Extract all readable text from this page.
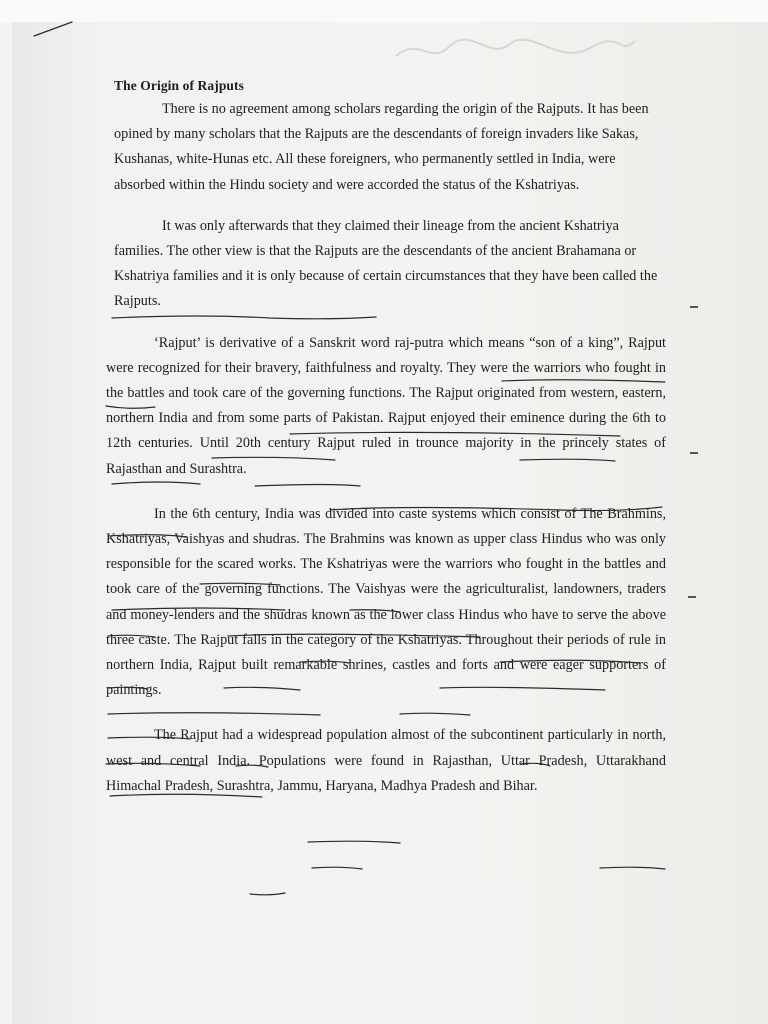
The Origin of Rajputs

There is no agreement among scholars regarding the origin of the Rajputs. It has been opined by many scholars that the Rajputs are the descendants of foreign invaders like Sakas, Kushanas, white-Hunas etc. All these foreigners, who permanently settled in India, were absorbed within the Hindu society and were accorded the status of the Kshatriyas.

It was only afterwards that they claimed their lineage from the ancient Kshatriya families. The other view is that the Rajputs are the descendants of the ancient Brahamana or Kshatriya families and it is only because of certain circumstances that they have been called the Rajputs.

‘Rajput’ is derivative of a Sanskrit word raj-putra which means “son of a king”, Rajput were recognized for their bravery, faithfulness and royalty. They were the warriors who fought in the battles and took care of the governing functions. The Rajput originated from western, eastern, northern India and from some parts of Pakistan. Rajput enjoyed their eminence during the 6th to 12th centuries. Until 20th century Rajput ruled in trounce majority in the princely states of Rajasthan and Surashtra.

In the 6th century, India was divided into caste systems which consist of The Brahmins, Kshatriyas, Vaishyas and shudras. The Brahmins was known as upper class Hindus who was only responsible for the scared works. The Kshatriyas were the warriors who fought in the battles and took care of the governing functions. The Vaishyas were the agriculturalist, landowners, traders and money-lenders and the shudras known as the lower class Hindus who have to serve the above three caste. The Rajput falls in the category of the Kshatriyas. Throughout their periods of rule in northern India, Rajput built remarkable shrines, castles and forts and were eager supporters of paintings.

The Rajput had a widespread population almost of the subcontinent particularly in north, west and central India. Populations were found in Rajasthan, Uttar Pradesh, Uttarakhand Himachal Pradesh, Surashtra, Jammu, Haryana, Madhya Pradesh and Bihar.
